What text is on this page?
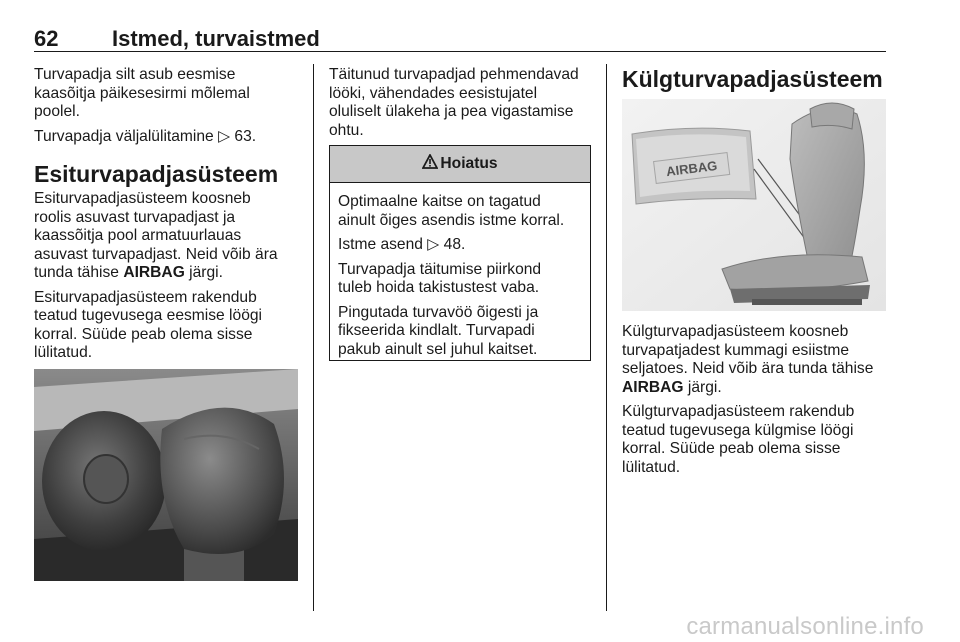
62 Istmed, turvaistmed

Turvapadja silt asub eesmise kaasõitja päikesesirmi mõlemal poolel.

Turvapadja väljalülitamine ▷ 63.

Esiturvapadjasüsteem

Esiturvapadjasüsteem koosneb
roolis asuvast turvapadjast ja
kaassõitja pool armatuurlauas
asuvast turvapadjast. Neid võib ära
tunda tähise AIRBAG järgi.

Esiturvapadjasüsteem rakendub
teatud tugevusega eesmise löögi
korral. Süüde peab olema sisse
lülitatud.

Täitunud turvapadjad pehmendavad
lööki, vähendades eesistujatel
oluliselt ülakeha ja pea vigastamise
ohtu.

Hoiatus

Optimaalne kaitse on tagatud
ainult õiges asendis istme korral.

Istme asend ▷ 48.

Turvapadja täitumise piirkond
tuleb hoida takistustest vaba.

Pingutada turvavöö õigesti ja
fikseerida kindlalt. Turvapadi
pakub ainult sel juhul kaitset.

Külgturvapadjasüsteem
AIRBAG

Külgturvapadjasüsteem koosneb
turvapatjadest kummagi esiistme
seljatoes. Neid võib ära tunda tähise
AIRBAG järgi.

Külgturvapadjasüsteem rakendub
teatud tugevusega külgmise löögi
korral. Süüde peab olema sisse
lülitatud.

carmanualsonline.info
